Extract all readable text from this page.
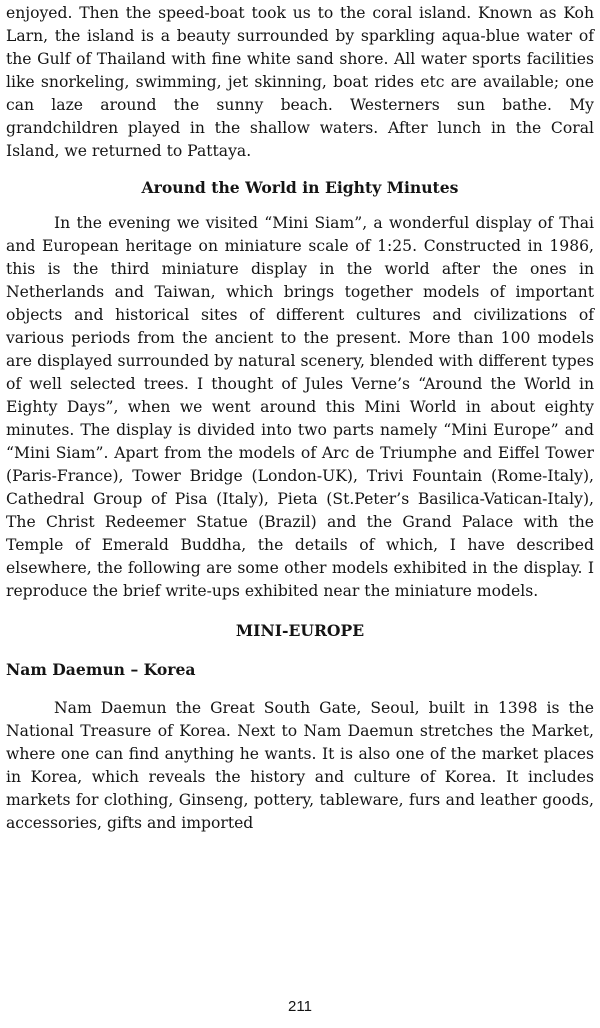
enjoyed. Then the speed-boat took us to the coral island. Known as Koh Larn, the island is a beauty surrounded by sparkling aqua-blue water of the Gulf of Thailand with fine white sand shore. All water sports facilities like snorkeling, swimming, jet skinning, boat rides etc are available; one can laze around the sunny beach. Westerners sun bathe. My grandchildren played in the shallow waters. After lunch in the Coral Island, we returned to Pattaya.

Around the World in Eighty Minutes

In the evening we visited “Mini Siam”, a wonderful display of Thai and European heritage on miniature scale of 1:25. Constructed in 1986, this is the third miniature display in the world after the ones in Netherlands and Taiwan, which brings together models of important objects and historical sites of different cultures and civilizations of various periods from the ancient to the present. More than 100 models are displayed surrounded by natural scenery, blended with different types of well selected trees. I thought of Jules Verne’s “Around the World in Eighty Days”, when we went around this Mini World in about eighty minutes. The display is divided into two parts namely “Mini Europe” and “Mini Siam”. Apart from the models of Arc de Triumphe and Eiffel Tower (Paris-France), Tower Bridge (London-UK), Trivi Fountain (Rome-Italy), Cathedral Group of Pisa (Italy), Pieta (St.Peter’s Basilica-Vatican-Italy), The Christ Redeemer Statue (Brazil) and the Grand Palace with the Temple of Emerald Buddha, the details of which, I have described elsewhere, the following are some other models exhibited in the display. I reproduce the brief write-ups exhibited near the miniature models.

MINI-EUROPE
Nam Daemun – Korea

Nam Daemun the Great South Gate, Seoul, built in 1398 is the National Treasure of Korea. Next to Nam Daemun stretches the Market, where one can find anything he wants. It is also one of the market places in Korea, which reveals the history and culture of Korea. It includes markets for clothing, Ginseng, pottery, tableware, furs and leather goods, accessories, gifts and imported

211
